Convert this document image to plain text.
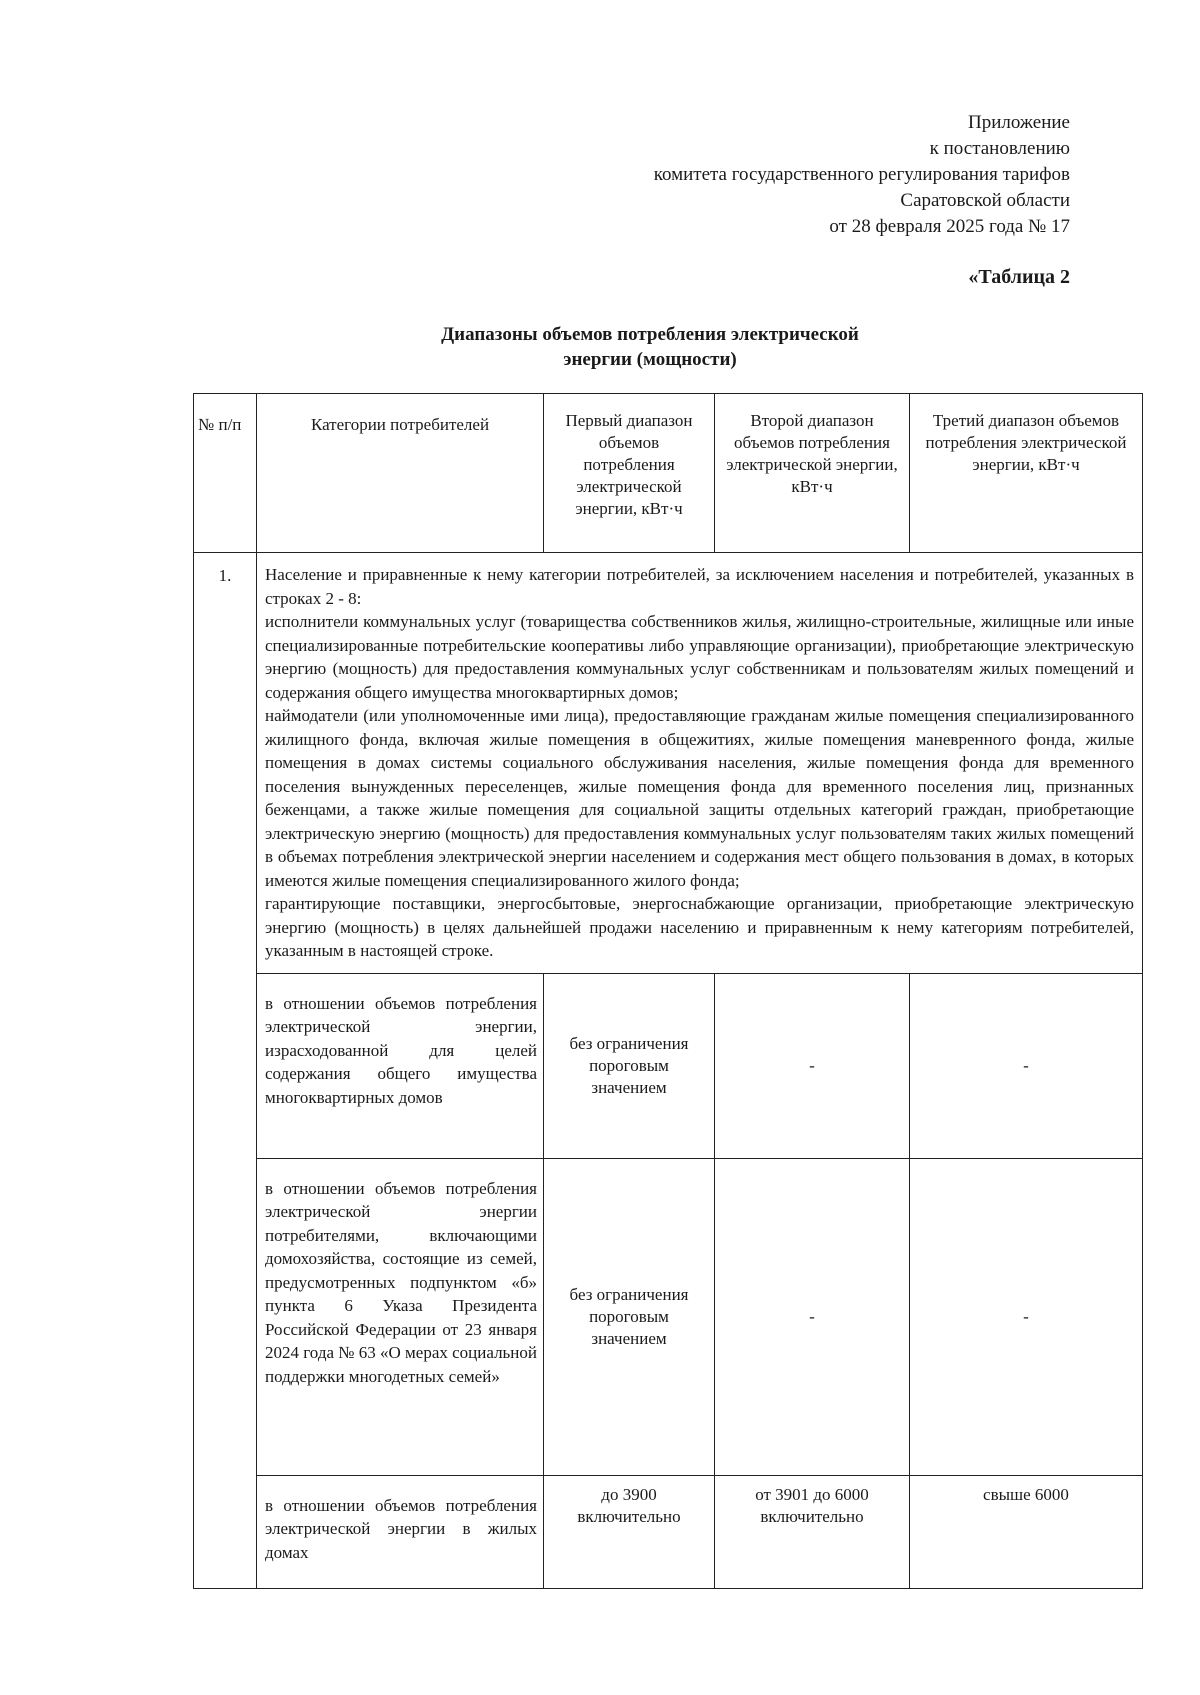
Приложение
к постановлению
комитета государственного регулирования тарифов
Саратовской области
от 28 февраля 2025 года № 17
«Таблица 2
Диапазоны объемов потребления электрической
энергии (мощности)
№ п/п	Категории потребителей	Первый диапазон объемов потребления электрической энергии, кВт·ч	Второй диапазон объемов потребления электрической энергии, кВт·ч	Третий диапазон объемов потребления электрической энергии, кВт·ч
1.	Население и приравненные к нему категории потребителей, за исключением населения и потребителей, указанных в строках 2 - 8:
исполнители коммунальных услуг (товарищества собственников жилья, жилищно-строительные, жилищные или иные специализированные потребительские кооперативы либо управляющие организации), приобретающие электрическую энергию (мощность) для предоставления коммунальных услуг собственникам и пользователям жилых помещений и содержания общего имущества многоквартирных домов;
наймодатели (или уполномоченные ими лица), предоставляющие гражданам жилые помещения специализированного жилищного фонда, включая жилые помещения в общежитиях, жилые помещения маневренного фонда, жилые помещения в домах системы социального обслуживания населения, жилые помещения фонда для временного поселения вынужденных переселенцев, жилые помещения фонда для временного поселения лиц, признанных беженцами, а также жилые помещения для социальной защиты отдельных категорий граждан, приобретающие электрическую энергию (мощность) для предоставления коммунальных услуг пользователям таких жилых помещений в объемах потребления электрической энергии населением и содержания мест общего пользования в домах, в которых имеются жилые помещения специализированного жилого фонда;
гарантирующие поставщики, энергосбытовые, энергоснабжающие организации, приобретающие электрическую энергию (мощность) в целях дальнейшей продажи населению и приравненным к нему категориям потребителей, указанным в настоящей строке.			

	в отношении объемов потребления электрической энергии, израсходованной для целей содержания общего имущества многоквартирных домов	без ограничения пороговым значением	-	-
	в отношении объемов потребления электрической энергии потребителями, включающими домохозяйства, состоящие из семей, предусмотренных подпунктом «б» пункта 6 Указа Президента Российской Федерации от 23 января 2024 года № 63 «О мерах социальной поддержки многодетных семей»	без ограничения пороговым значением	-	-
	в отношении объемов потребления электрической энергии в жилых домах	до 3900 включительно	от 3901 до 6000 включительно	свыше 6000
